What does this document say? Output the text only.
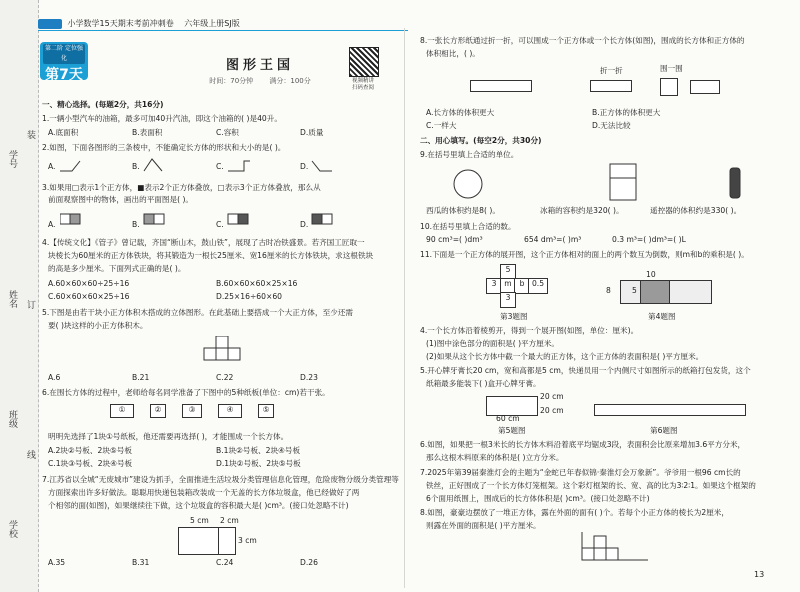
学号
姓名
班级
学校
装
订
线
小学数学15天期末考前冲刺卷 六年级上册SJ版
第二阶 定位强化
第7天
图形王国
时间：70分钟 满分：100分	视频精讲
扫码查阅
一、精心选择。(每题2分，共16分)
1.一辆小型汽车的油箱，最多可加40升汽油，即这个油箱的( )是40升。
A.底面积	B.表面积	C.容积	D.质量
2.如图，下面各图形的三条棱中，不能确定长方体的形状和大小的是( )。
A.	B.	C.	D.
3.如果用□表示1个正方体，■表示2个正方体叠放，□表示3个正方体叠放，那么从
前面观察图中的物体，画出的平面图是( )。
A.	B.	C.	D.
4.【传统文化】《管子》曾记载，齐国“断山木，鼓山铁”，展现了古时冶铁盛景。若齐国工匠取一
块棱长为60厘米的正方体铁块，将其锻造为一根长25厘米、宽16厘米的长方体铁块，求这根铁块
的高是多少厘米。下面列式正确的是( )。
A.60×60×60÷25÷16	B.60×60×60×25×16
C.60×60×60×25÷16	D.25×16÷60×60
5.下图是由若干块小正方体积木搭成的立体图形。在此基础上要搭成一个大正方体，至少还需
要( )块这样的小正方体积木。
A.6	B.21	C.22	D.23
6.在围长方体的过程中，老师给每名同学准备了下图中的5种纸板(单位：cm)若干张。
①	②	③	④	⑤
明明先选择了1块①号纸板，他还需要再选择( )，才能围成一个长方体。
A.2块②号板、2块⑤号板	B.1块②号板、2块④号板
C.1块③号板、2块④号板	D.1块②号板、2块⑤号板
7.江苏省以全城“无废城市”建设为抓手，全面推进生活垃圾分类管理信息化管理，危险废物分级分类管理等
方面探索出许多好做法。聪聪用快递包装箱改装成一个无盖的长方体垃圾盒，他已经做好了两
个相邻的面(如图)，如果继续往下做，这个垃圾盒的容积最大是( )cm³。(接口处忽略不计)
5 cm 2 cm
3 cm
A.35	B.31	C.24	D.26
8.一张长方形纸通过折一折，可以围成一个正方体或一个长方体(如图)，围成的长方体和正方体的
体积相比，( )。
折一折	围一围
A.长方体的体积更大	B.正方体的体积更大
C.一样大	D.无法比较
二、用心填写。(每空2分，共30分)
9.在括号里填上合适的单位。
西瓜的体积约是8( )。	冰箱的容积约是320( )。	遥控器的体积约是330( )。
10.在括号里填上合适的数。
90 cm³=( )dm³	654 dm³=( )m³	0.3 m³=( )dm³=( )L
11.下面是一个正方体的展开图，这个正方体相对的面上的两个数互为倒数，则m和b的乘积是( )。
5
3	m	b 0.5
3
第3题图
10
5
8
第4题图
4.一个长方体沿着棱剪开，得到一个展开图(如图，单位：厘米)。
(1)图中涂色部分的面积是( )平方厘米。
(2)如果从这个长方体中截一个最大的正方体，这个正方体的表面积是( )平方厘米。
5.开心牌牙膏长20 cm，宽和高都是5 cm，快递员用一个内侧尺寸如图所示的纸箱打包发货，这个
纸箱最多能装下( )盒开心牌牙膏。
20 cm
60 cm
20 cm
第5题图	第6题图
6.如图，如果把一根3米长的长方体木料沿着底平均锯成3段，表面积会比原来增加3.6平方分米，
那么这根木料原来的体积是( )立方分米。
7.2025年第39届秦淮灯会的主题为“金蛇已年春似锦·秦淮灯会万象新”。爷爷用一根96 cm长的
铁丝，正好围成了一个长方体灯笼框架。这个彩灯框架的长、宽、高的比为3∶2∶1。如果这个框架的
6个面用纸围上，围成后的长方体体积是( )cm³。(接口处忽略不计)
8.如图，豪豪边摆放了一堆正方体，露在外面的面有( )个。若每个小正方体的棱长为2厘米，
则露在外面的面积是( )平方厘米。
13
